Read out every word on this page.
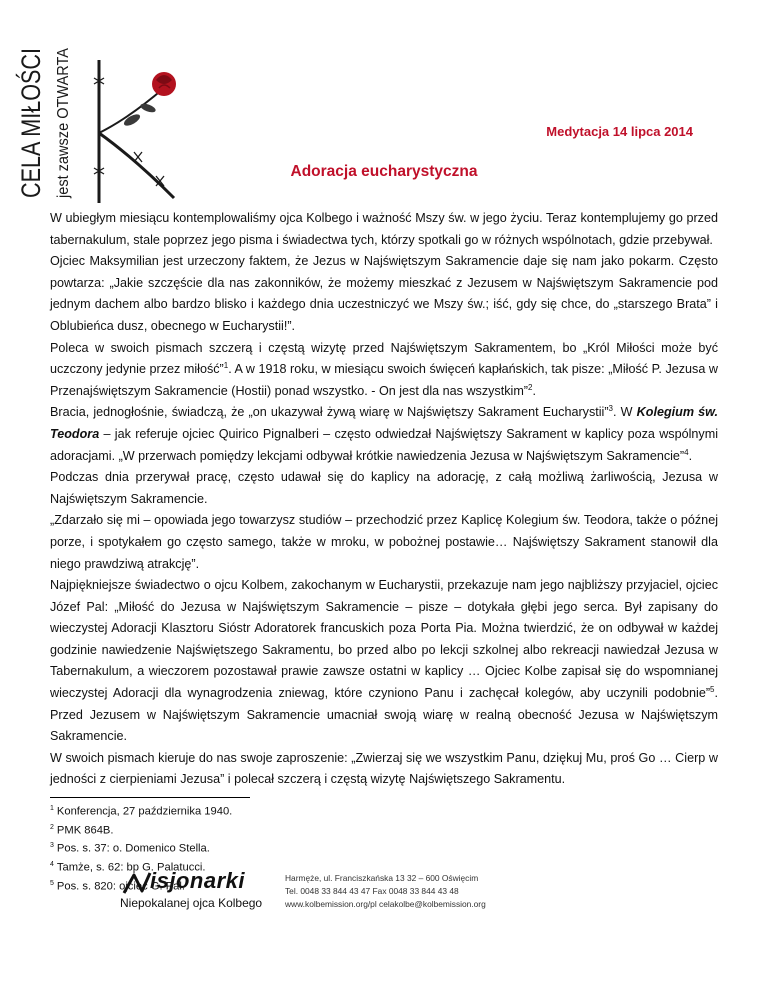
CELA MIŁOŚCI jest zawsze OTWARTA	Medytacja 14 lipca 2014
Adoracja eucharystyczna

W ubiegłym miesiącu kontemplowaliśmy ojca Kolbego i ważność Mszy św. w jego życiu. Teraz kontemplujemy go przed tabernakulum, stale poprzez jego pisma i świadectwa tych, którzy spotkali go w różnych wspólnotach, gdzie przebywał.

Ojciec Maksymilian jest urzeczony faktem, że Jezus w Najświętszym Sakramencie daje się nam jako pokarm. Często powtarza: „Jakie szczęście dla nas zakonników, że możemy mieszkać z Jezusem w Najświętszym Sakramencie pod jednym dachem albo bardzo blisko i każdego dnia uczestniczyć we Mszy św.; iść, gdy się chce, do „starszego Brata” i Oblubieńca dusz, obecnego w Eucharystii!”.

Poleca w swoich pismach szczerą i częstą wizytę przed Najświętszym Sakramentem, bo „Król Miłości może być uczczony jedynie przez miłość”$^1$. A w 1918 roku, w miesiącu swoich święceń kapłańskich, tak pisze: „Miłość P. Jezusa w Przenajświętszym Sakramencie (Hostii) ponad wszystko. - On jest dla nas wszystkim”$^2$.

Bracia, jednogłośnie, świadczą, że „on ukazywał żywą wiarę w Najświętszy Sakrament Eucharystii”$^3$. W Kolegium św. Teodora – jak referuje ojciec Quirico Pignalberi – często odwiedzał Najświętszy Sakrament w kaplicy poza wspólnymi adoracjami. „W przerwach pomiędzy lekcjami odbywał krótkie nawiedzenia Jezusa w Najświętszym Sakramencie”$^4$.

Podczas dnia przerywał pracę, często udawał się do kaplicy na adorację, z całą możliwą żarliwością, Jezusa w Najświętszym Sakramencie.

„Zdarzało się mi – opowiada jego towarzysz studiów – przechodzić przez Kaplicę Kolegium św. Teodora, także o późnej porze, i spotykałem go często samego, także w mroku, w pobożnej postawie… Najświętszy Sakrament stanowił dla niego prawdziwą atrakcję”.

Najpiękniejsze świadectwo o ojcu Kolbem, zakochanym w Eucharystii, przekazuje nam jego najbliższy przyjaciel, ojciec Józef Pal: „Miłość do Jezusa w Najświętszym Sakramencie – pisze – dotykała głębi jego serca. Był zapisany do wieczystej Adoracji Klasztoru Sióstr Adoratorek francuskich poza Porta Pia. Można twierdzić, że on odbywał w każdej godzinie nawiedzenie Najświętszego Sakramentu, bo przed albo po lekcji szkolnej albo rekreacji nawiedzał Jezusa w Tabernakulum, a wieczorem pozostawał prawie zawsze ostatni w kaplicy … Ojciec Kolbe zapisał się do wspomnianej wieczystej Adoracji dla wynagrodzenia zniewag, które czyniono Panu i zachęcał kolegów, aby uczynili podobnie”$^5$. Przed Jezusem w Najświętszym Sakramencie umacniał swoją wiarę w realną obecność Jezusa w Najświętszym Sakramencie.

W swoich pismach kieruje do nas swoje zaproszenie: „Zwierzaj się we wszystkim Panu, dziękuj Mu, proś Go … Cierp w jedności z cierpieniami Jezusa” i polecał szczerą i częstą wizytę Najświętszego Sakramentu.

$^1$ Konferencja, 27 października 1940.
$^2$ PMK 864B.
$^3$ Pos. s. 37: o. Domenico Stella.
$^4$ Tamże, s. 62: bp G. Palatucci.
$^5$ Pos. s. 820: ojciec G. Pal.
isjonarki
Niepokalanej ojca Kolbego
Harmęże, ul. Franciszkańska 13 32 – 600 Oświęcim
Tel. 0048 33 844 43 47 Fax 0048 33 844 43 48
www.kolbemission.org/pl celakolbe@kolbemission.org
